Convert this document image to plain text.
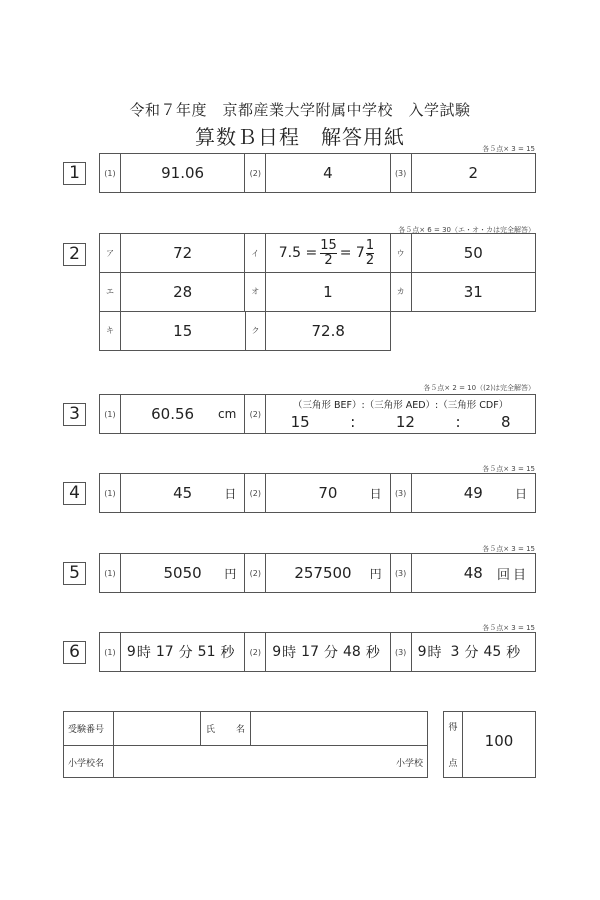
令和７年度　京都産業大学附属中学校　入学試験
算数Ｂ日程　解答用紙	各５点× 3 = 15
1	(1)	91.06	(2)	4	(3)	2
各５点× 6 = 30（エ・オ・カは完全解答）
2	ア	72	イ	$7.5 = \frac{15}{2} = 7 \frac{1}{2}$	ウ	50
エ	28	オ	1	カ	31
キ	15	ク	72.8
各５点× 2 = 10（(2)は完全解答）
3	(1)	60.56 cm	(2)
（三角形 BEF）:（三角形 AED）:（三角形 CDF）
15	:	12	:	8
各５点× 3 = 15
4	(1)	45	日	(2)	70	日	(3)	49	日
各５点× 3 = 15
5	(1)	5050 円	(2)	257500 円	(3)	48 回目
各５点× 3 = 15
6	(1) 9 時 17 分 51 秒	(2) 9 時 17 分 48 秒	(3) 9 時 3 分 45 秒
受験番号	氏 名
小学校名	小学校
得
点
100
